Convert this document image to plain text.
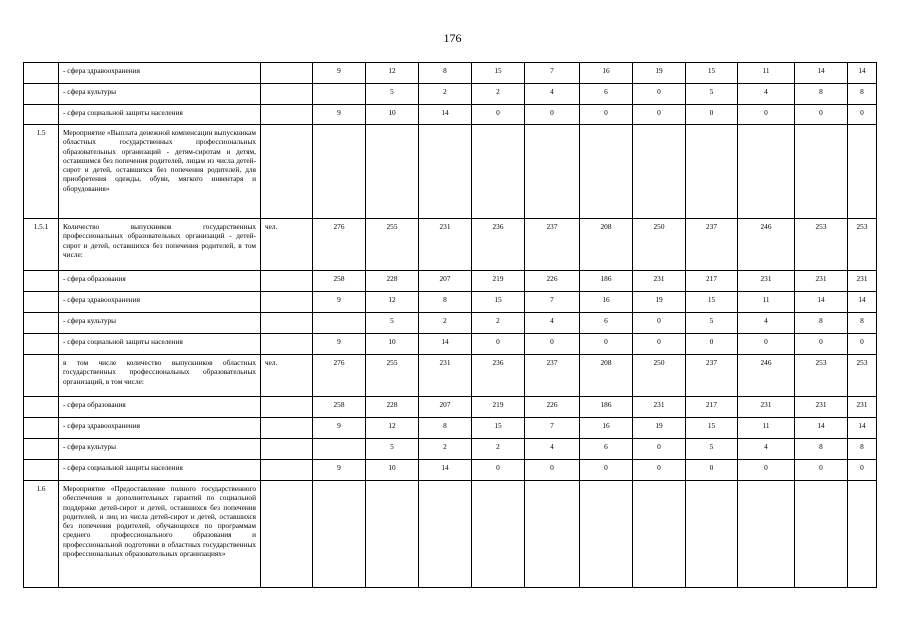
176
	- сфера здравоохранения		9	12	8	15	7	16	19	15	11	14	14
	- сфера культуры			5	2	2	4	6	0	5	4	8	8
	- сфера социальной защиты населения		9	10	14	0	0	0	0	0	0	0	0
1.5	Мероприятие «Выплата денежной компенсации выпускникам областных государственных профессиональных образовательных организаций - детям-сиротам и детям, оставшимся без попечения родителей, лицам из числа детей-сирот и детей, оставшихся без попечения родителей, для приобретения одежды, обуви, мягкого инвентаря и оборудования»												
1.5.1	Количество выпускников государственных профессиональных образовательных организаций - детей-сирот и детей, оставшихся без попечения родителей, в том числе:	чел.	276	255	231	236	237	208	250	237	246	253	253
	- сфера образования		258	228	207	219	226	186	231	217	231	231	231
	- сфера здравоохранения		9	12	8	15	7	16	19	15	11	14	14
	- сфера культуры			5	2	2	4	6	0	5	4	8	8
	- сфера социальной защиты населения		9	10	14	0	0	0	0	0	0	0	0
	в том числе количество выпускников областных государственных профессиональных образовательных организаций, в том числе:	чел.	276	255	231	236	237	208	250	237	246	253	253
	- сфера образования		258	228	207	219	226	186	231	217	231	231	231
	- сфера здравоохранения		9	12	8	15	7	16	19	15	11	14	14
	- сфера культуры			5	2	2	4	6	0	5	4	8	8
	- сфера социальной защиты населения		9	10	14	0	0	0	0	0	0	0	0
1.6	Мероприятие «Предоставление полного государственного обеспечения и дополнительных гарантий по социальной поддержке детей-сирот и детей, оставшихся без попечения родителей, и лиц из числа детей-сирот и детей, оставшихся без попечения родителей, обучающихся по программам среднего профессионального образования и профессиональной подготовки в областных государственных профессиональных образовательных организациях»												
